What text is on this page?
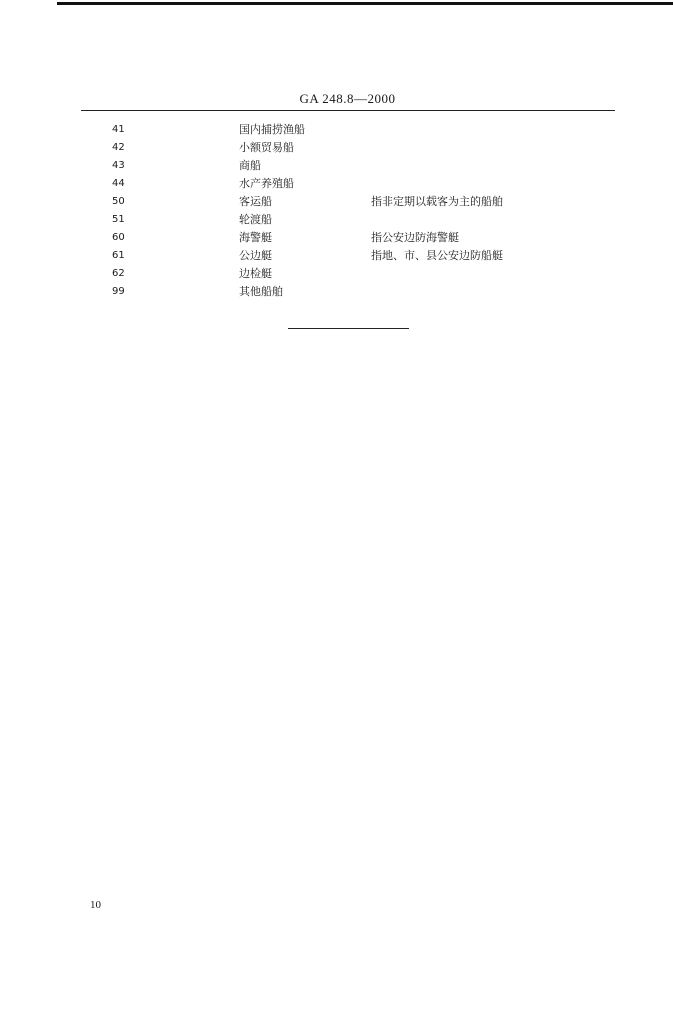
GA 248.8—2000
41	国内捕捞渔船
42	小额贸易船
43	商船
44	水产养殖船
50	客运船	指非定期以载客为主的船舶
51	轮渡船
60	海警艇	指公安边防海警艇
61	公边艇	指地、市、县公安边防船艇
62	边检艇
99	其他船舶
10
